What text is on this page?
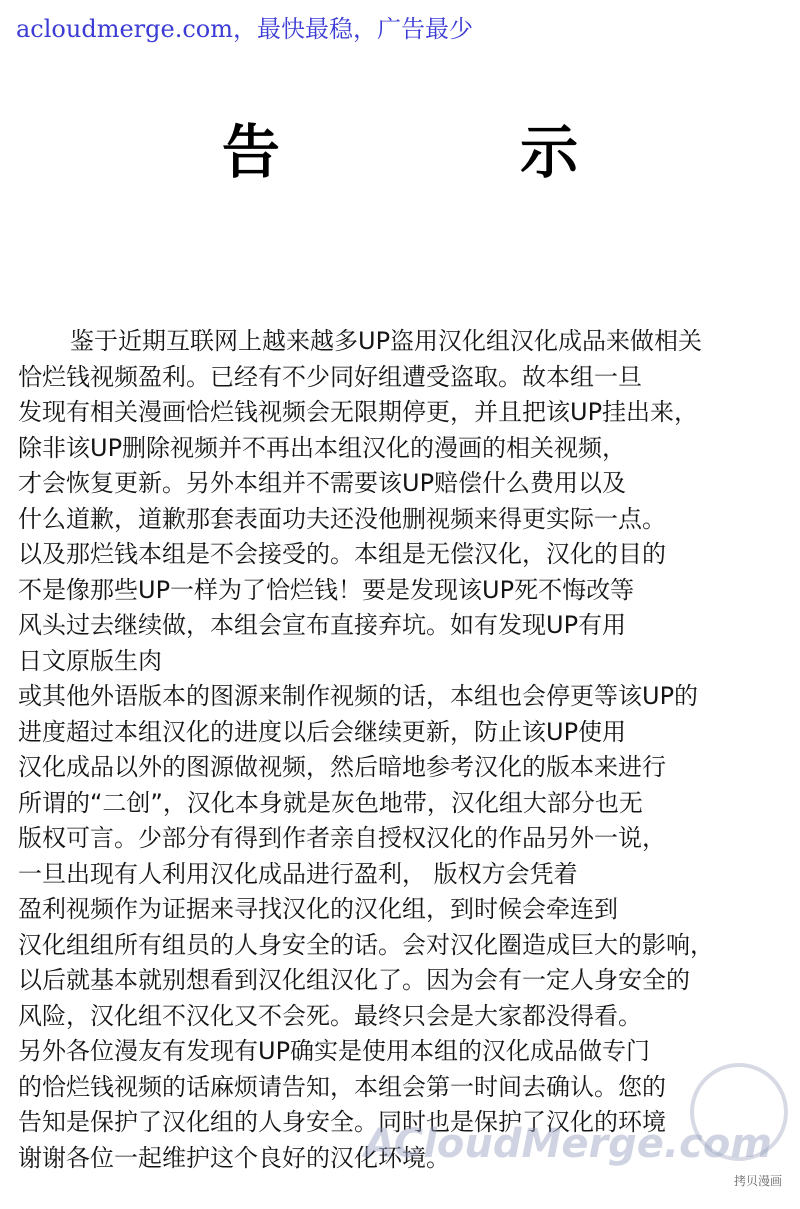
acloudmerge.com，最快最稳，广告最少
告 示
鉴于近期互联网上越来越多UP盗用汉化组汉化成品来做相关
恰烂钱视频盈利。已经有不少同好组遭受盗取。故本组一旦
发现有相关漫画恰烂钱视频会无限期停更，并且把该UP挂出来，
除非该UP删除视频并不再出本组汉化的漫画的相关视频，
才会恢复更新。另外本组并不需要该UP赔偿什么费用以及
什么道歉，道歉那套表面功夫还没他删视频来得更实际一点。
以及那烂钱本组是不会接受的。本组是无偿汉化，汉化的目的
不是像那些UP一样为了恰烂钱！要是发现该UP死不悔改等
风头过去继续做，本组会宣布直接弃坑。如有发现UP有用
日文原版生肉
或其他外语版本的图源来制作视频的话，本组也会停更等该UP的
进度超过本组汉化的进度以后会继续更新，防止该UP使用
汉化成品以外的图源做视频，然后暗地参考汉化的版本来进行
所谓的“二创”，汉化本身就是灰色地带，汉化组大部分也无
版权可言。少部分有得到作者亲自授权汉化的作品另外一说，
一旦出现有人利用汉化成品进行盈利， 版权方会凭着
盈利视频作为证据来寻找汉化的汉化组，到时候会牵连到
汉化组组所有组员的人身安全的话。会对汉化圈造成巨大的影响，
以后就基本就别想看到汉化组汉化了。因为会有一定人身安全的
风险，汉化组不汉化又不会死。最终只会是大家都没得看。
另外各位漫友有发现有UP确实是使用本组的汉化成品做专门
的恰烂钱视频的话麻烦请告知，本组会第一时间去确认。您的
告知是保护了汉化组的人身安全。同时也是保护了汉化的环境
谢谢各位一起维护这个良好的汉化环境。
ACloudMerge.com
拷贝漫画
